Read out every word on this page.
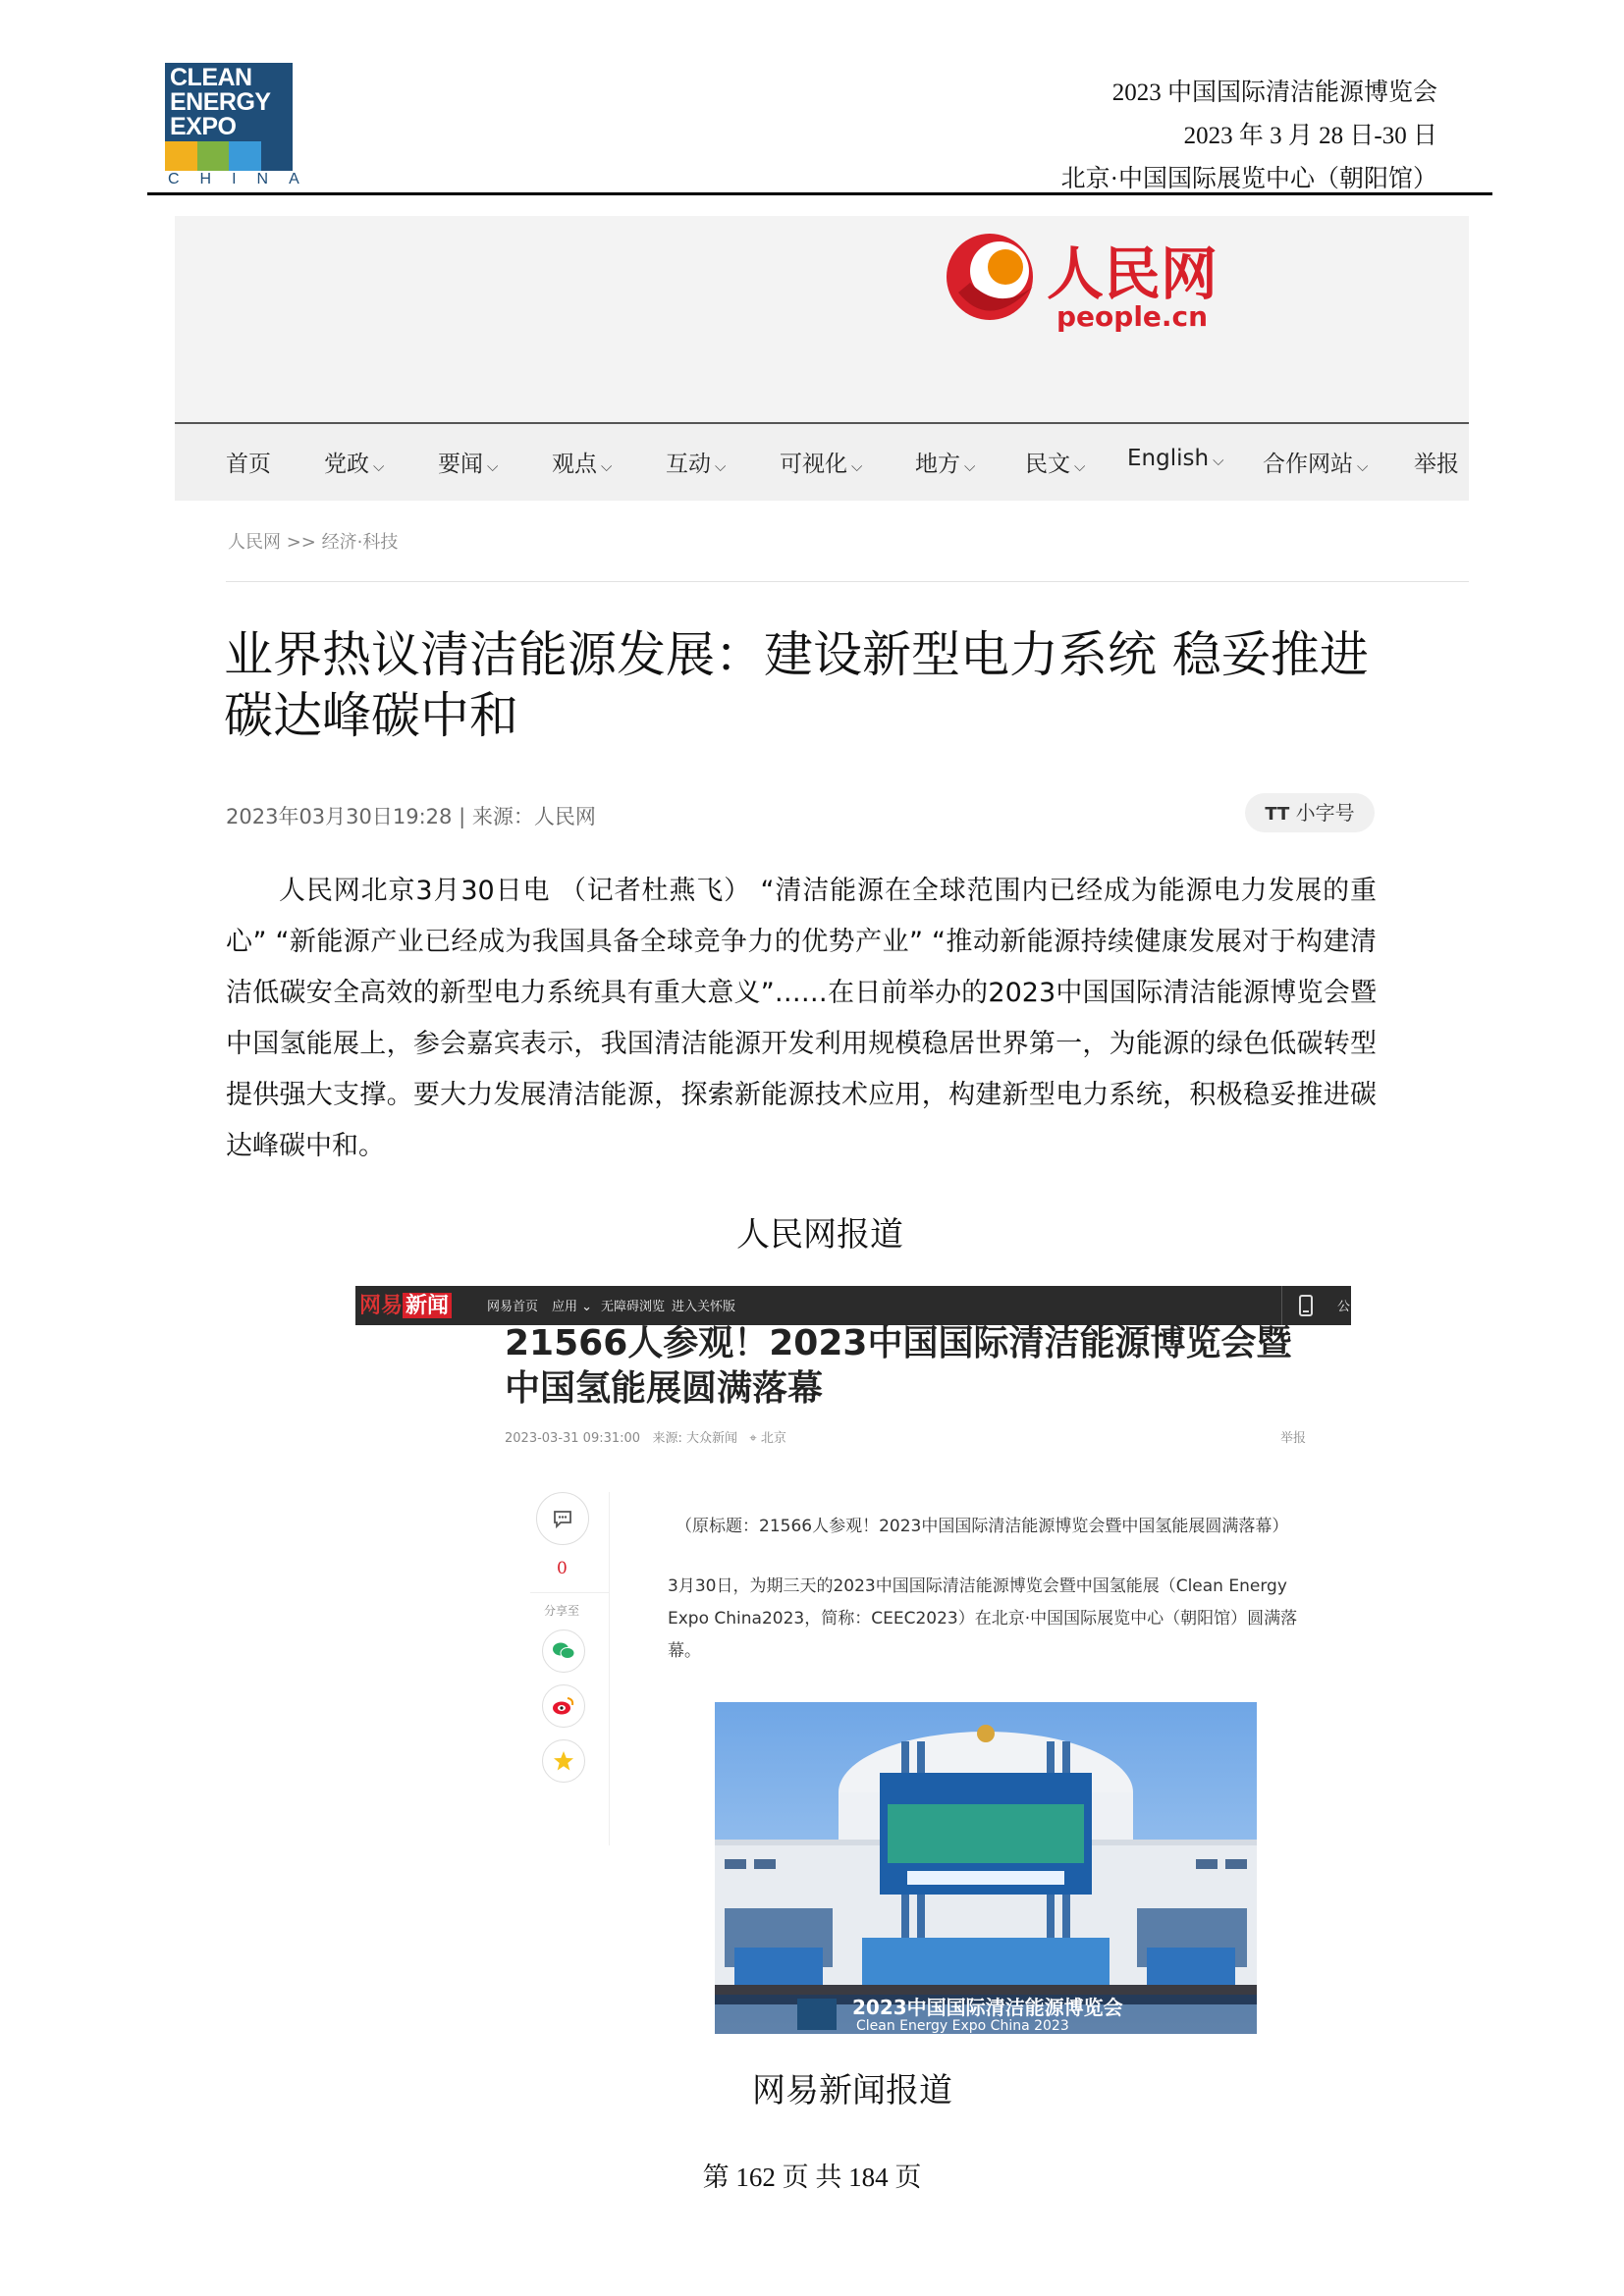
CLEAN
ENERGY
EXPO
CHINA
2023 中国国际清洁能源博览会
2023 年 3 月 28 日-30 日
北京·中国国际展览中心（朝阳馆）
人民网
people.cn
首页 党政 ⌵ 要闻 ⌵ 观点 ⌵ 互动 ⌵ 可视化 ⌵ 地方 ⌵ 民文 ⌵ English ⌵ 合作网站 ⌵ 举报
人民网 >> 经济·科技
业界热议清洁能源发展：建设新型电力系统 稳妥推进碳达峰碳中和
2023年03月30日19:28 | 来源：人民网	TT 小字号
人民网北京3月30日电 （记者杜燕飞） “清洁能源在全球范围内已经成为能源电力发展的重心” “新能源产业已经成为我国具备全球竞争力的优势产业” “推动新能源持续健康发展对于构建清洁低碳安全高效的新型电力系统具有重大意义”……在日前举办的2023中国国际清洁能源博览会暨中国氢能展上，参会嘉宾表示，我国清洁能源开发利用规模稳居世界第一，为能源的绿色低碳转型提供强大支撑。要大力发展清洁能源，探索新能源技术应用，构建新型电力系统，积极稳妥推进碳达峰碳中和。
人民网报道
网易 新闻	网易首页 应用 ⌄ 无障碍浏览 进入关怀版	公
21566人参观！2023中国国际清洁能源博览会暨中国氢能展圆满落幕
2023-03-31 09:31:00 来源: 大众新闻 ⌖ 北京	举报
0
分享至
（原标题：21566人参观！2023中国国际清洁能源博览会暨中国氢能展圆满落幕）
3月30日，为期三天的2023中国国际清洁能源博览会暨中国氢能展（Clean Energy Expo China2023，简称：CEEC2023）在北京·中国国际展览中心（朝阳馆）圆满落幕。
2023中国国际清洁能源博览会
Clean Energy Expo China 2023
网易新闻报道
第 162 页 共 184 页
